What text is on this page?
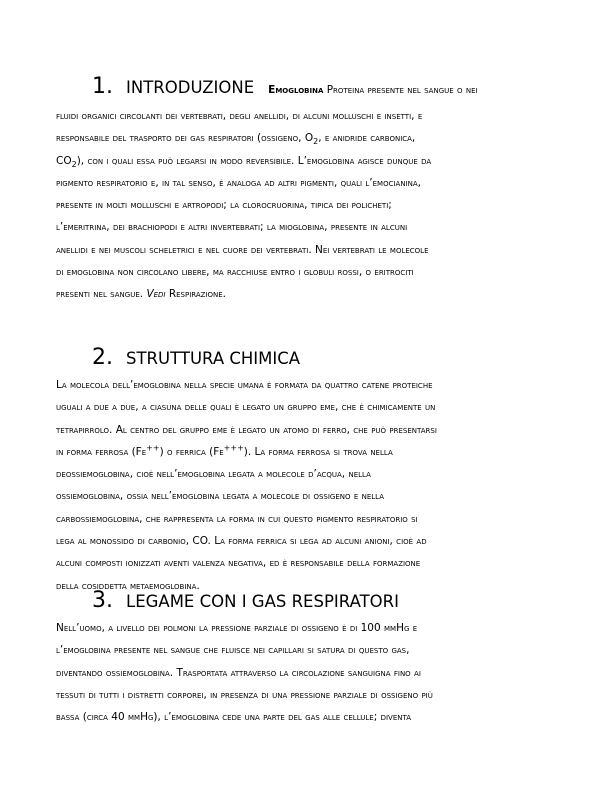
1. INTRODUZIONE Emoglobina Proteina presente nel sangue o nei
fluidi organici circolanti dei vertebrati, degli anellidi, di alcuni molluschi e insetti, e
responsabile del trasporto dei gas respiratori (ossigeno, $O_2$, e anidride carbonica,
$CO_2$), con i quali essa può legarsi in modo reversibile. L’emoglobina agisce dunque da
pigmento respiratorio e, in tal senso, è analoga ad altri pigmenti, quali l’emocianina,
presente in molti molluschi e artropodi; la clorocruorina, tipica dei policheti;
l’emeritrina, dei brachiopodi e altri invertebrati; la mioglobina, presente in alcuni
anellidi e nei muscoli scheletrici e nel cuore dei vertebrati. Nei vertebrati le molecole
di emoglobina non circolano libere, ma racchiuse entro i globuli rossi, o eritrociti
presenti nel sangue. Vedi Respirazione.
2. STRUTTURA CHIMICA
La molecola dell’emoglobina nella specie umana è formata da quattro catene proteiche
uguali a due a due, a ciasuna delle quali è legato un gruppo eme, che è chimicamente un
tetrapirrolo. Al centro del gruppo eme è legato un atomo di ferro, che può presentarsi
in forma ferrosa (Fe++) o ferrica (Fe+++). La forma ferrosa si trova nella
deossiemoglobina, cioè nell’emoglobina legata a molecole d’acqua, nella
ossiemoglobina, ossia nell’emoglobina legata a molecole di ossigeno e nella
carbossiemoglobina, che rappresenta la forma in cui questo pigmento respiratorio si
lega al monossido di carbonio, CO. La forma ferrica si lega ad alcuni anioni, cioè ad
alcuni composti ionizzati aventi valenza negativa, ed è responsabile della formazione
della cosiddetta metaemoglobina.
3. LEGAME CON I GAS RESPIRATORI
Nell’uomo, a livello dei polmoni la pressione parziale di ossigeno è di 100 mmHg e
l’emoglobina presente nel sangue che fluisce nei capillari si satura di questo gas,
diventando ossiemoglobina. Trasportata attraverso la circolazione sanguigna fino ai
tessuti di tutti i distretti corporei, in presenza di una pressione parziale di ossigeno più
bassa (circa 40 mmHg), l’emoglobina cede una parte del gas alle cellule; diventa
